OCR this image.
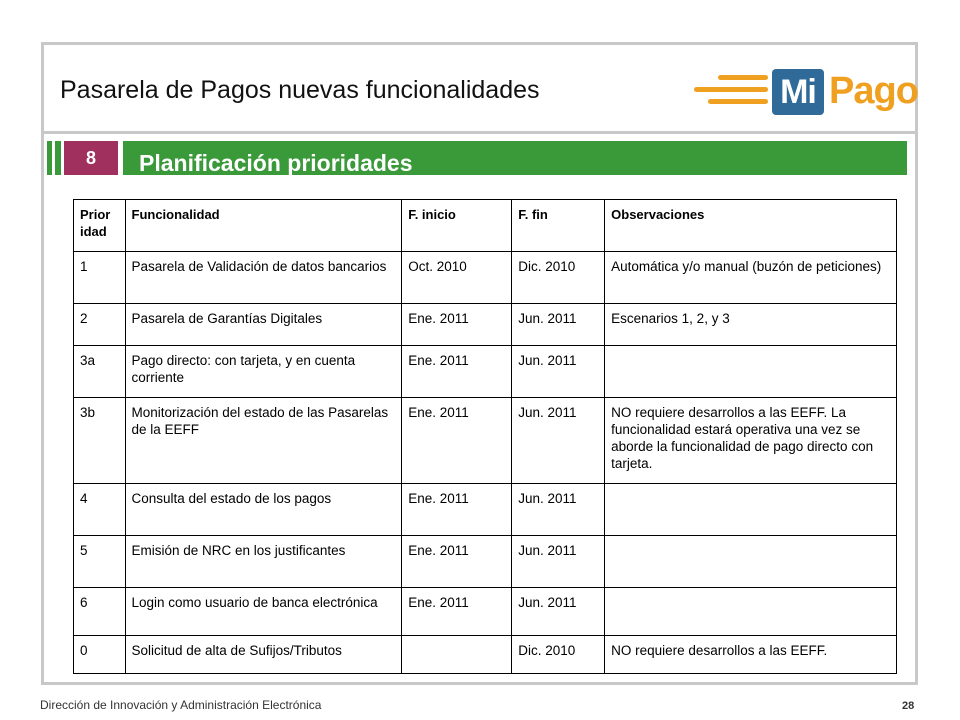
Pasarela de Pagos nuevas funcionalidades	Mi Pago
8	Planificación prioridades
Prior idad	Funcionalidad	F. inicio	F. fin	Observaciones
1	Pasarela de Validación de datos bancarios	Oct. 2010	Dic. 2010	Automática y/o manual (buzón de peticiones)
2	Pasarela de Garantías Digitales	Ene. 2011	Jun. 2011	Escenarios 1, 2, y 3
3a	Pago directo: con tarjeta, y en cuenta corriente	Ene. 2011	Jun. 2011	
3b	Monitorización del estado de las Pasarelas de la EEFF	Ene. 2011	Jun. 2011	NO requiere desarrollos a las EEFF. La funcionalidad estará operativa una vez se aborde la funcionalidad de pago directo con tarjeta.
4	Consulta del estado de los pagos	Ene. 2011	Jun. 2011	
5	Emisión de NRC en los justificantes	Ene. 2011	Jun. 2011	
6	Login como usuario de banca electrónica	Ene. 2011	Jun. 2011	
0	Solicitud de alta de Sufijos/Tributos		Dic. 2010	NO requiere desarrollos a las EEFF.
Dirección de Innovación y Administración Electrónica	28
